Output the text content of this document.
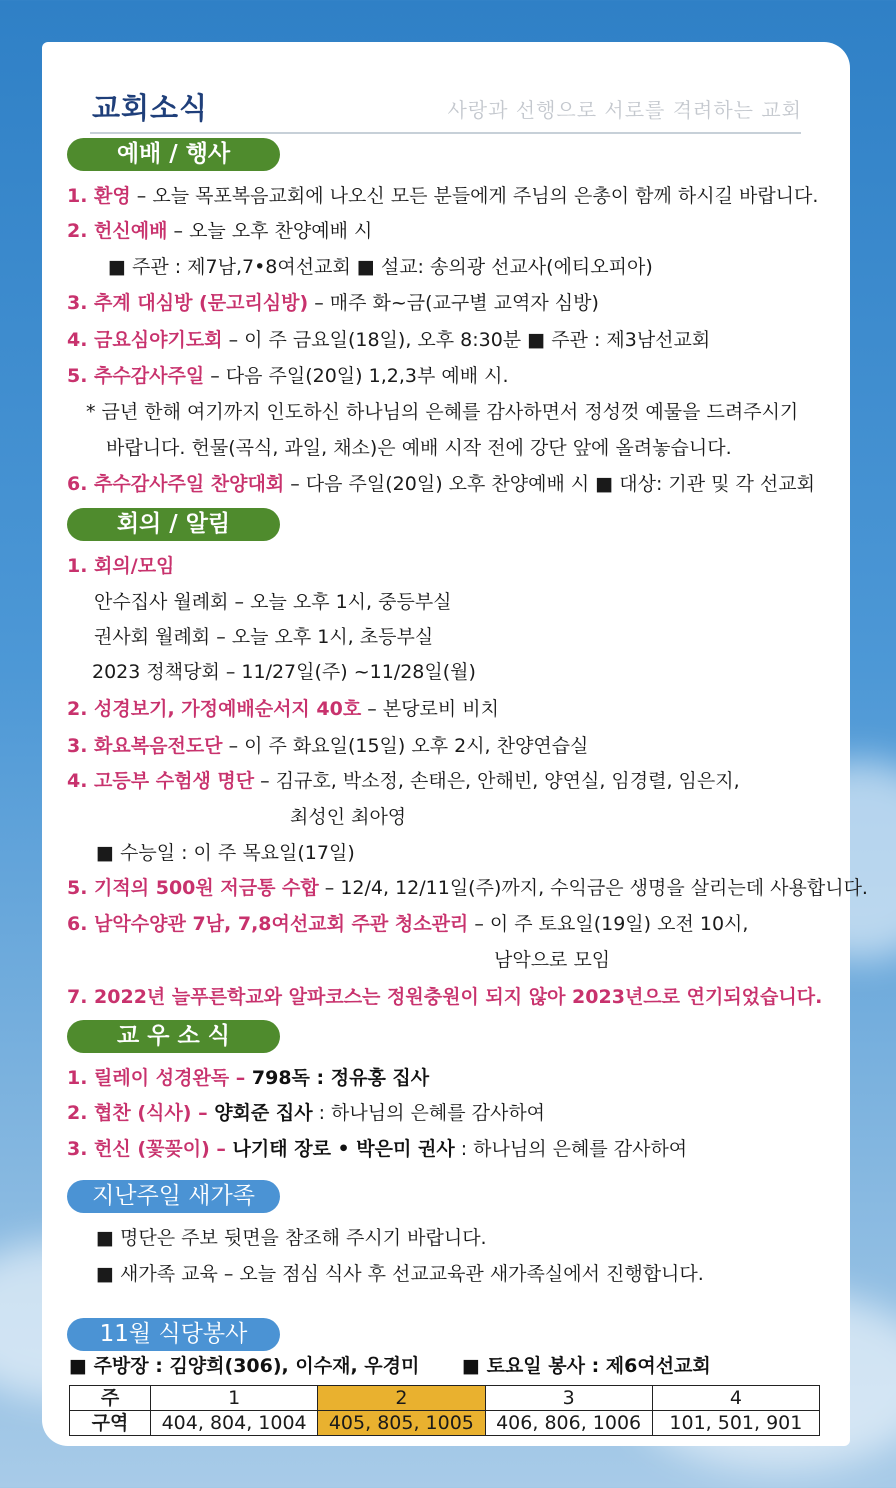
교회소식	사랑과 선행으로 서로를 격려하는 교회
예배 / 행사
1. 환영 – 오늘 목포복음교회에 나오신 모든 분들에게 주님의 은총이 함께 하시길 바랍니다.
2. 헌신예배 – 오늘 오후 찬양예배 시
■ 주관 : 제7남,7•8여선교회 ■ 설교: 송의광 선교사(에티오피아)
3. 추계 대심방 (문고리심방) – 매주 화~금(교구별 교역자 심방)
4. 금요심야기도회 – 이 주 금요일(18일), 오후 8:30분 ■ 주관 : 제3남선교회
5. 추수감사주일 – 다음 주일(20일) 1,2,3부 예배 시.
* 금년 한해 여기까지 인도하신 하나님의 은혜를 감사하면서 정성껏 예물을 드려주시기
바랍니다. 헌물(곡식, 과일, 채소)은 예배 시작 전에 강단 앞에 올려놓습니다.
6. 추수감사주일 찬양대회 – 다음 주일(20일) 오후 찬양예배 시 ■ 대상: 기관 및 각 선교회
회의 / 알림
1. 회의/모임
안수집사 월례회 – 오늘 오후 1시, 중등부실
권사회 월례회 – 오늘 오후 1시, 초등부실
2023 정책당회 – 11/27일(주) ~11/28일(월)
2. 성경보기, 가정예배순서지 40호 – 본당로비 비치
3. 화요복음전도단 – 이 주 화요일(15일) 오후 2시, 찬양연습실
4. 고등부 수험생 명단 – 김규호, 박소정, 손태은, 안해빈, 양연실, 임경렬, 임은지,
최성인 최아영
■ 수능일 : 이 주 목요일(17일)
5. 기적의 500원 저금통 수합 – 12/4, 12/11일(주)까지, 수익금은 생명을 살리는데 사용합니다.
6. 남악수양관 7남, 7,8여선교회 주관 청소관리 – 이 주 토요일(19일) 오전 10시,
남악으로 모임
7. 2022년 늘푸른학교와 알파코스는 정원충원이 되지 않아 2023년으로 연기되었습니다.
교 우 소 식
1. 릴레이 성경완독 – 798독 : 정유홍 집사
2. 협찬 (식사) – 양회준 집사 : 하나님의 은혜를 감사하여
3. 헌신 (꽃꽂이) – 나기태 장로 • 박은미 권사 : 하나님의 은혜를 감사하여
지난주일 새가족
■ 명단은 주보 뒷면을 참조해 주시기 바랍니다.
■ 새가족 교육 – 오늘 점심 식사 후 선교교육관 새가족실에서 진행합니다.
11월 식당봉사
■ 주방장 : 김양희(306), 이수재, 우경미 ■ 토요일 봉사 : 제6여선교회
주	1	2	3	4
구역	404, 804, 1004	405, 805, 1005	406, 806, 1006	101, 501, 901
